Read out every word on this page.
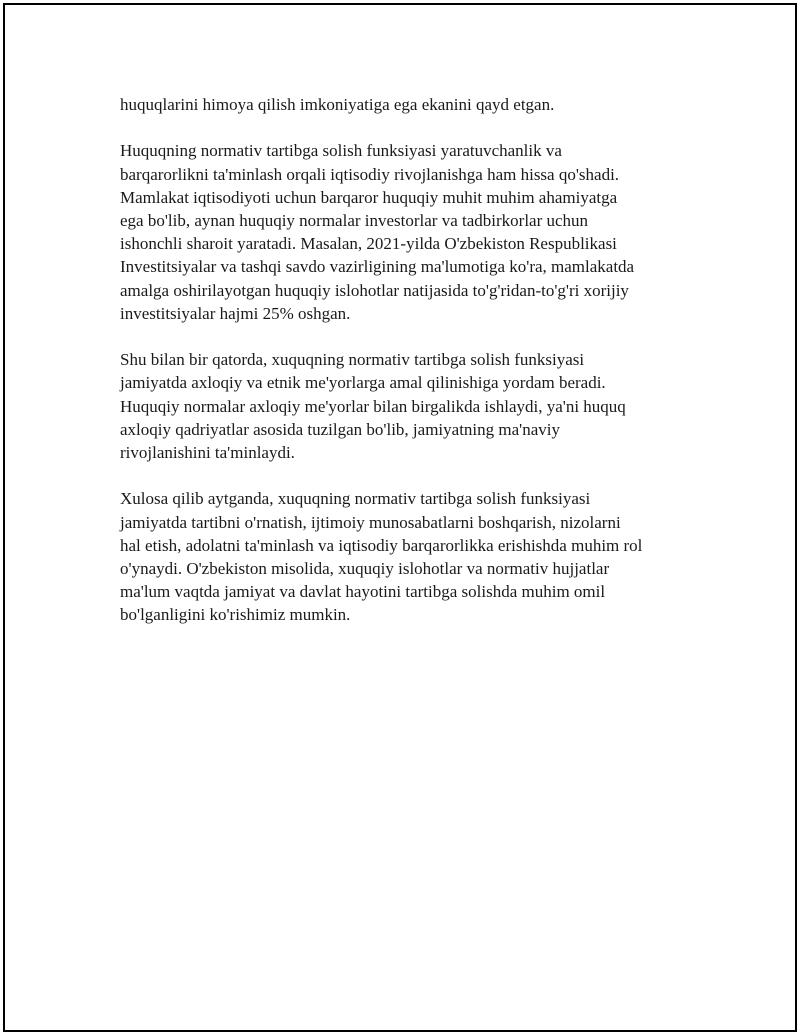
huquqlarini himoya qilish imkoniyatiga ega ekanini qayd etgan.

Huquqning normativ tartibga solish funksiyasi yaratuvchanlik va
barqarorlikni ta'minlash orqali iqtisodiy rivojlanishga ham hissa qo'shadi.
Mamlakat iqtisodiyoti uchun barqaror huquqiy muhit muhim ahamiyatga
ega bo'lib, aynan huquqiy normalar investorlar va tadbirkorlar uchun
ishonchli sharoit yaratadi. Masalan, 2021-yilda O'zbekiston Respublikasi
Investitsiyalar va tashqi savdo vazirligining ma'lumotiga ko'ra, mamlakatda
amalga oshirilayotgan huquqiy islohotlar natijasida to'g'ridan-to'g'ri xorijiy
investitsiyalar hajmi 25% oshgan.

Shu bilan bir qatorda, xuquqning normativ tartibga solish funksiyasi
jamiyatda axloqiy va etnik me'yorlarga amal qilinishiga yordam beradi.
Huquqiy normalar axloqiy me'yorlar bilan birgalikda ishlaydi, ya'ni huquq
axloqiy qadriyatlar asosida tuzilgan bo'lib, jamiyatning ma'naviy
rivojlanishini ta'minlaydi.

Xulosa qilib aytganda, xuquqning normativ tartibga solish funksiyasi
jamiyatda tartibni o'rnatish, ijtimoiy munosabatlarni boshqarish, nizolarni
hal etish, adolatni ta'minlash va iqtisodiy barqarorlikka erishishda muhim rol
o'ynaydi. O'zbekiston misolida, xuquqiy islohotlar va normativ hujjatlar
ma'lum vaqtda jamiyat va davlat hayotini tartibga solishda muhim omil
bo'lganligini ko'rishimiz mumkin.
